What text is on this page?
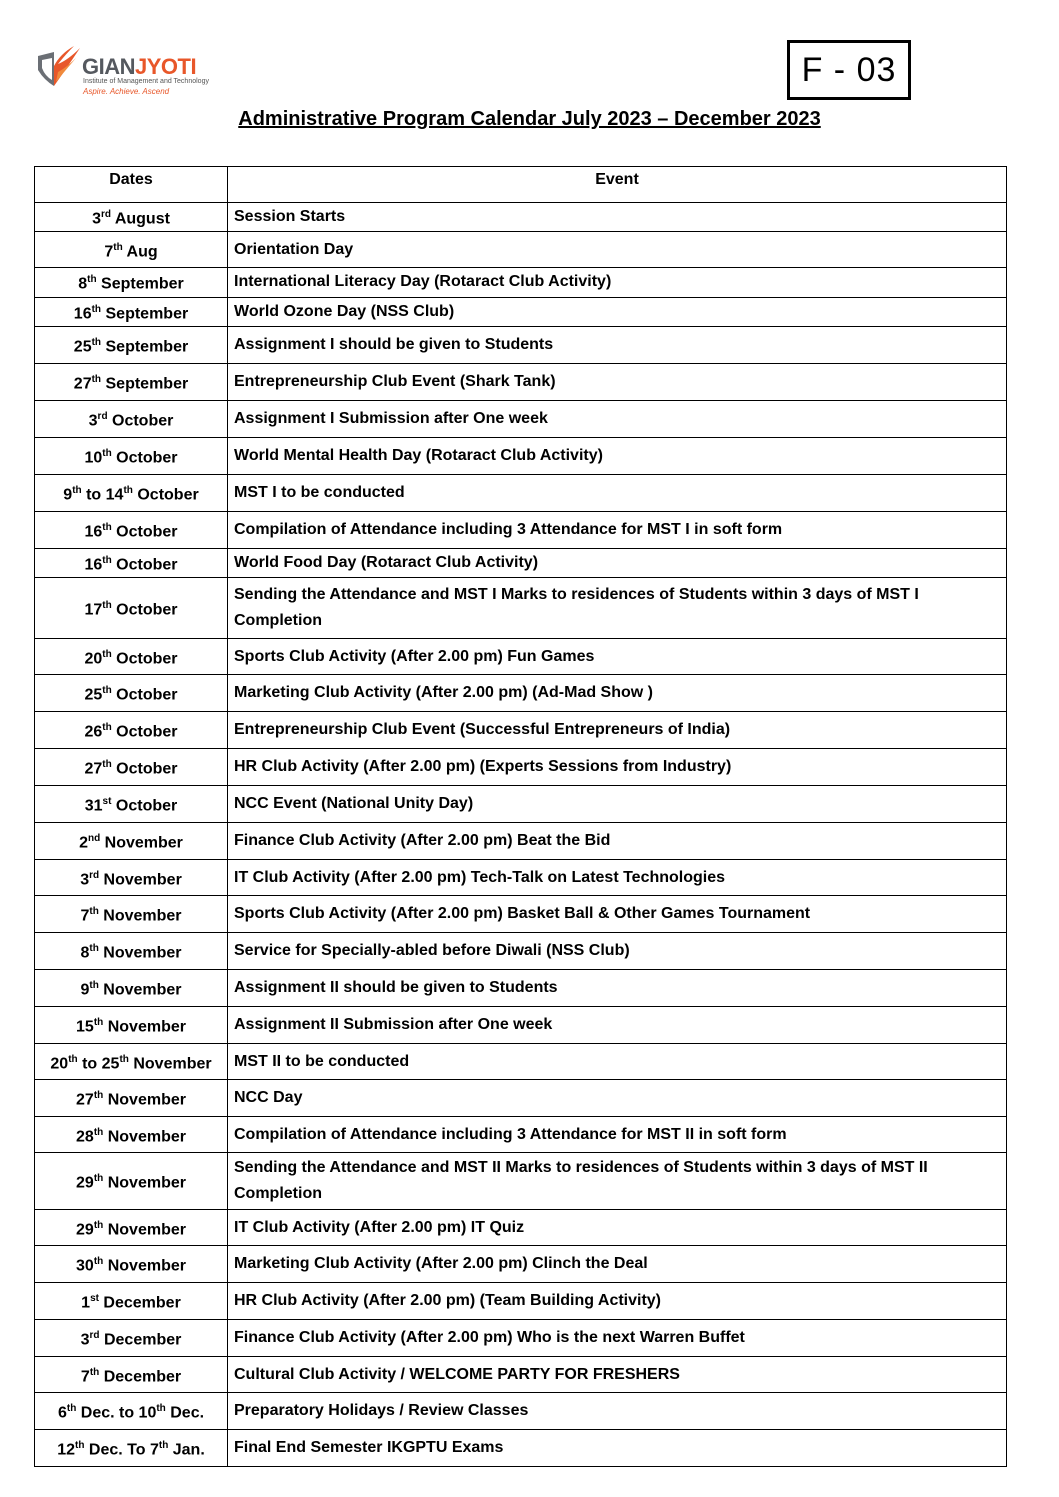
GIANJYOTI
Institute of Management and Technology
Aspire. Achieve. Ascend
F - 03
Administrative Program Calendar July 2023 – December 2023
Dates	Event
3rd August	Session Starts
7th Aug	Orientation Day
8th September	International Literacy Day (Rotaract Club Activity)
16th September	World Ozone Day (NSS Club)
25th September	Assignment I should be given to Students
27th September	Entrepreneurship Club Event (Shark Tank)
3rd October	Assignment I Submission after One week
10th October	World Mental Health Day (Rotaract Club Activity)
9th to 14th October	MST I to be conducted
16th October	Compilation of Attendance including 3 Attendance for MST I in soft form
16th October	World Food Day (Rotaract Club Activity)
17th October	Sending the Attendance and MST I Marks to residences of Students within 3 days of MST I Completion
20th October	Sports Club Activity (After 2.00 pm) Fun Games
25th October	Marketing Club Activity (After 2.00 pm) (Ad-Mad Show )
26th October	Entrepreneurship Club Event (Successful Entrepreneurs of India)
27th October	HR Club Activity (After 2.00 pm) (Experts Sessions from Industry)
31st October	NCC Event (National Unity Day)
2nd November	Finance Club Activity (After 2.00 pm) Beat the Bid
3rd November	IT Club Activity (After 2.00 pm) Tech-Talk on Latest Technologies
7th November	Sports Club Activity (After 2.00 pm) Basket Ball & Other Games Tournament
8th November	Service for Specially-abled before Diwali (NSS Club)
9th November	Assignment II should be given to Students
15th November	Assignment II Submission after One week
20th to 25th November	MST II to be conducted
27th November	NCC Day
28th November	Compilation of Attendance including 3 Attendance for MST II in soft form
29th November	Sending the Attendance and MST II Marks to residences of Students within 3 days of MST II Completion
29th November	IT Club Activity (After 2.00 pm) IT Quiz
30th November	Marketing Club Activity (After 2.00 pm) Clinch the Deal
1st December	HR Club Activity (After 2.00 pm) (Team Building Activity)
3rd December	Finance Club Activity (After 2.00 pm) Who is the next Warren Buffet
7th December	Cultural Club Activity / WELCOME PARTY FOR FRESHERS
6th Dec. to 10th Dec.	Preparatory Holidays / Review Classes
12th Dec. To 7th Jan.	Final End Semester IKGPTU Exams
